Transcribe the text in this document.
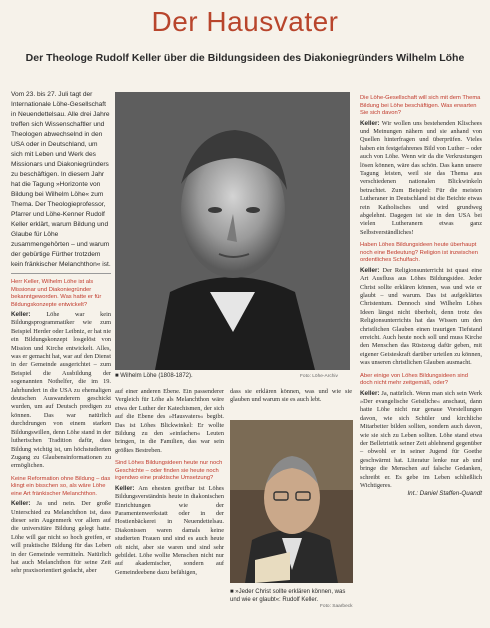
Der Hausvater
Der Theologe Rudolf Keller über die Bildungsideen des Diakoniegründers Wilhelm Löhe

Vom 23. bis 27. Juli tagt der Internationale Löhe-Gesellschaft in Neuendettelsau. Alle drei Jahre treffen sich Wissenschaftler und Theologen abwechselnd in den USA oder in Deutschland, um sich mit Leben und Werk des Missionars und Diakoniegründers zu beschäftigen. In diesem Jahr hat die Tagung »Horizonte von Bildung bei Wilhelm Löhe« zum Thema. Der Theologieprofessor, Pfarrer und Löhe-Kenner Rudolf Keller erklärt, warum Bildung und Glaube für Löhe zusammengehörten – und warum der gebürtige Fürther trotzdem kein fränkischer Melanchthon« ist.

Herr Keller, Wilhelm Löhe ist als Missionar und Diakoniegründer bekanntgeworden. Was hatte er für Bildungskonzepte entwickelt?

Keller: Löhe war kein Bildungsprogrammatiker wie zum Beispiel Herder oder Leibniz, er hat nie ein Bildungskonzept losgelöst von Mission und Kirche entwickelt. Alles, was er gemacht hat, war auf den Dienst in der Gemeinde ausgerichtet – zum Beispiel die Ausbildung der sogenannten Nothelfer, die im 19. Jahrhundert in die USA zu ehemaligen deutschen Auswanderern geschickt wurden, um auf Deutsch predigen zu können. Das war natürlich durchdrungen von einem starken Bildungswillen, denn Löhe stand in der lutherischen Tradition dafür, dass Bildung wichtig ist, um höchstudierten Zugang zu Glaubensinformationen zu ermöglichen.

Keine Reformation ohne Bildung – das klingt ein bisschen so, als wäre Löhe eine Art fränkischer Melanchthon.

Keller: Ja und nein. Der große Unterschied zu Melanchthon ist, dass dieser sein Augenmerk vor allem auf die universitäre Bildung gelegt hatte. Löhe will gar nicht so hoch greifen, er will praktische Bildung für das Leben in der Gemeinde vermitteln. Natürlich hat auch Melanchthon für seine Zeit sehr praxisorientiert gedacht, aber

■ Wilhelm Löhe (1808-1872).	Foto: Löhe-Archiv

auf einer anderen Ebene. Ein passenderer Vergleich für Löhe als Melanchthon wäre etwa der Luther der Katechismen, der sich auf die Ebene des »Hausvaters« begibt. Das ist Löhes Blickwinkel: Er wollte Bildung zu den »einfachen« Leuten bringen, in die Familien, das war sein größtes Bestreben.

Sind Löhes Bildungsideen heute nur noch Geschichte – oder finden sie heute noch irgendwo eine praktische Umsetzung?

Keller: Am ehesten greifbar ist Löhes Bildungsverständnis heute in diakonischen Einrichtungen wie der Paramentenwerkstatt oder in der Hostienbäckerei in Neuendettelsau. Diakonissen waren damals keine studierten Frauen und sind es auch heute oft nicht, aber sie waren und sind sehr gebildet. Löhe wollte Menschen nicht nur auf akademischer, sondern auf Gemeindeebene dazu befähigen,

dass sie erklären können, was und wie sie glauben und warum sie es auch lebt.
■ »Jeder Christ sollte erklären können, was und wie er glaubt«: Rudolf Keller.
Foto: Saarbeck

Die Löhe-Gesellschaft will sich mit dem Thema Bildung bei Löhe beschäftigen. Was erwarten Sie sich davon?

Keller: Wir wollen uns bestehenden Klischees und Meinungen nähern und sie anhand von Quellen hinterfragen und überprüfen. Vieles haben ein festgefahrenes Bild von Luther – oder auch von Löhe. Wenn wir da die Verkrustungen lösen können, wäre das schön. Das kann unsere Tagung leisten, weil sie das Thema aus verschiedenen nationalen Blickwinkeln betrachtet. Zum Beispiel: Für die meisten Lutheraner in Deutschland ist die Beichte etwas rein Katholisches und wird grundweg abgelehnt. Dagegen ist sie in den USA bei vielen Lutheranern etwas ganz Selbstverständliches!

Haben Löhes Bildungsideen heute überhaupt noch eine Bedeutung? Religion ist inzwischen ordentliches Schulfach.

Keller: Der Religionsunterricht ist quasi eine Art Ausfluss aus Löhes Bildungsidee. Jeder Christ sollte erklären können, was und wie er glaubt – und warum. Das ist aufgeklärtes Christentum. Dennoch sind Wilhelm Löhes Ideen längst nicht überholt, denn trotz des Religionsunterrichts hat das Wissen um den christlichen Glauben einen traurigen Tiefstand erreicht. Auch heute noch soll und muss Kirche den Menschen das Rüstzeug dafür geben, mit eigener Geisteskraft darüber urteilen zu können, was unseren christlichen Glauben ausmacht.

Aber einige von Löhes Bildungsideen sind doch nicht mehr zeitgemäß, oder?

Keller: Ja, natürlich. Wenn man sich sein Werk »Der evangelische Geistliche« anschaut, dann hatte Löhe nicht nur genaue Vorstellungen davon, wie sich Schüler und kirchliche Mitarbeiter bilden sollten, sondern auch davon, wie sie sich zu Leben sollten. Löhe stand etwa der Belletristik seiner Zeit ablehnend gegenüber – obwohl er in seiner Jugend für Goethe geschwärmt hat. Literatur lenke nur ab und bringe die Menschen auf falsche Gedanken, schreibt er. Es gebe im Leben schließlich Wichtigeres.

Int.: Daniel Staffen-Quandt
